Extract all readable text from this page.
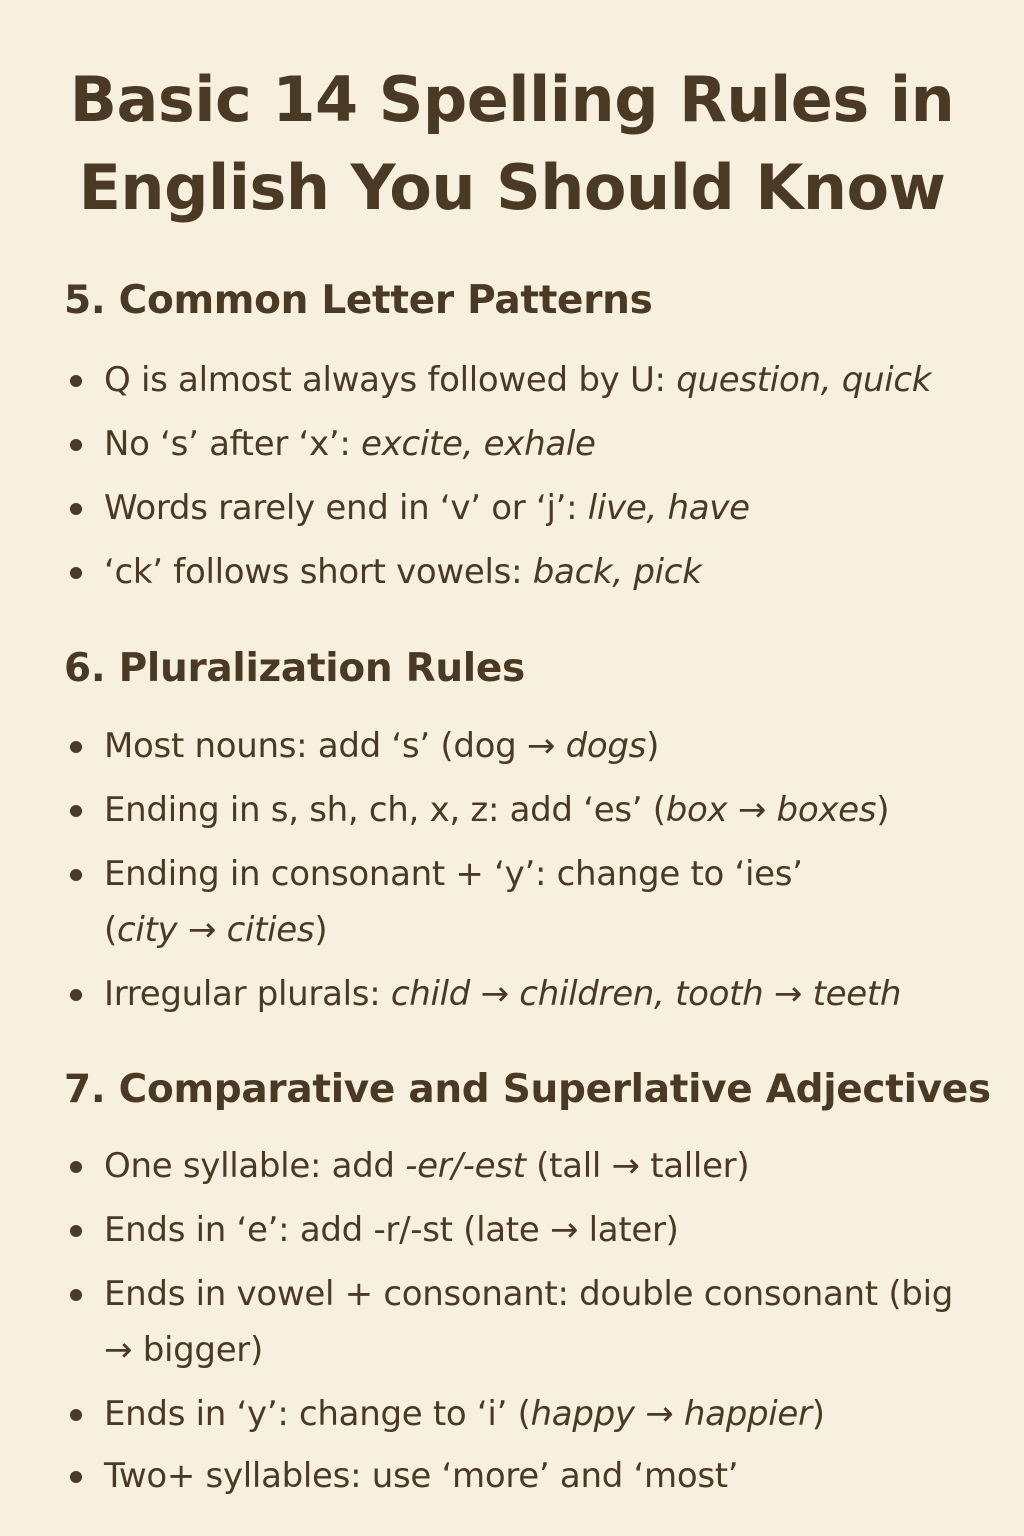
Basic 14 Spelling Rules in
English You Should Know
5. Common Letter Patterns

Q is almost always followed by U: question, quick

No ‘s’ after ‘x’: excite, exhale

Words rarely end in ‘v’ or ‘j’: live, have

‘ck’ follows short vowels: back, pick

6. Pluralization Rules

Most nouns: add ‘s’ (dog → dogs)

Ending in s, sh, ch, x, z: add ‘es’ (box → boxes)

Ending in consonant + ‘y’: change to ‘ies’ (city → cities)

Irregular plurals: child → children, tooth → teeth

7. Comparative and Superlative Adjectives

One syllable: add -er/-est (tall → taller)

Ends in ‘e’: add -r/-st (late → later)

Ends in vowel + consonant: double consonant (big → bigger)

Ends in ‘y’: change to ‘i’ (happy → happier)

Two+ syllables: use ‘more’ and ‘most’
